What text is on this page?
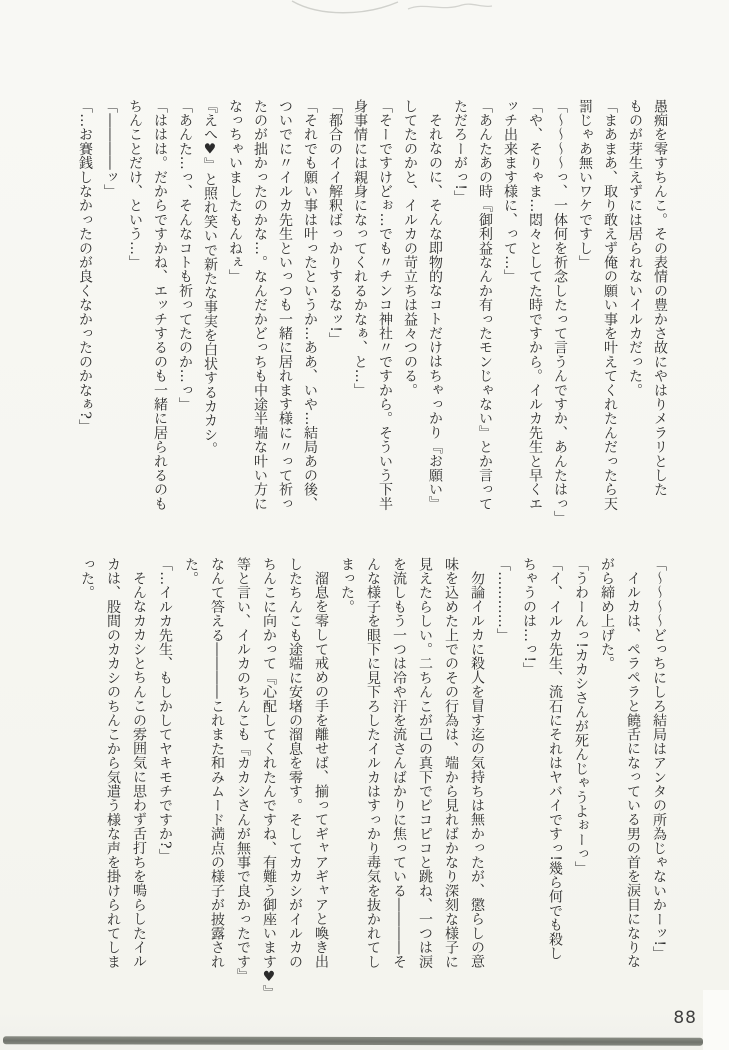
愚痴を零すちんこ。その表情の豊かさ故にやはりメラリとした
ものが芽生えずには居られないイルカだった。
「まあまあ、取り敢えず俺の願い事を叶えてくれたんだったら天
罰じゃあ無いワケですし」
「〜〜〜〜っ、一体何を祈念したって言うんですか、あんたはっ」
「や、そりゃま…悶々としてた時ですから。イルカ先生と早くエ
ッチ出来ます様に、って…」
「あんたあの時『御利益なんか有ったモンじゃない』とか言って
ただろーがっ!」
それなのに、そんな即物的なコトだけはちゃっかり『お願い』
してたのかと、イルカの苛立ちは益々つのる。
「そーですけどぉ…でも〃チンコ神社〃ですから。そういう下半
身事情には親身になってくれるかなぁ、と…」
「都合のイイ解釈ばっかりするなッ!」
「それでも願い事は叶ったというか…ああ、いや…結局あの後、
ついでに〃イルカ先生といっつも一緒に居れます様に〃って祈っ
たのが拙かったのかな…。なんだかどっちも中途半端な叶い方に
なっちゃいましたもんねぇ」
『えへ♥』と照れ笑いで新たな事実を白状するカカシ。
「あんた…っ、そんなコトも祈ってたのか…っ」
「ははは。だからですかね、エッチするのも一緒に居られるのも
ちんことだけ、という…」
「――――ッ」
「…お賽銭しなかったのが良くなかったのかなぁ?」
「〜〜〜〜どっちにしろ結局はアンタの所為じゃないかーッ!」
イルカは、ペラペラと饒舌になっている男の首を涙目になりな
がら締め上げた。
「うわーんっ!カカシさんが死んじゃうよぉーっ」
「イ、イルカ先生、流石にそれはヤバイですっ!幾ら何でも殺し
ちゃうのは…っ!」
「…………」
勿論イルカに殺人を冒す迄の気持ちは無かったが、懲らしの意
味を込めた上でのその行為は、端から見ればかなり深刻な様子に
見えたらしい。二ちんこが己の真下でピコピコと跳ね、一つは涙
を流しもう一つは冷や汗を流さんばかりに焦っている――――そ
んな様子を眼下に見下ろしたイルカはすっかり毒気を抜かれてし
まった。
溜息を零して戒めの手を離せば、揃ってギャアギャアと喚き出
したちんこも途端に安堵の溜息を零す。そしてカカシがイルカの
ちんこに向かって『心配してくれたんですね、有難う御座います♥』
等と言い、イルカのちんこも『カカシさんが無事で良かったです』
なんて答える――――これまた和みムード満点の様子が披露され
た。
「…イルカ先生、もしかしてヤキモチですか?」
そんなカカシとちんこの雰囲気に思わず舌打ちを鳴らしたイル
カは、股間のカカシのちんこから気遣う様な声を掛けられてしま
った。
88
